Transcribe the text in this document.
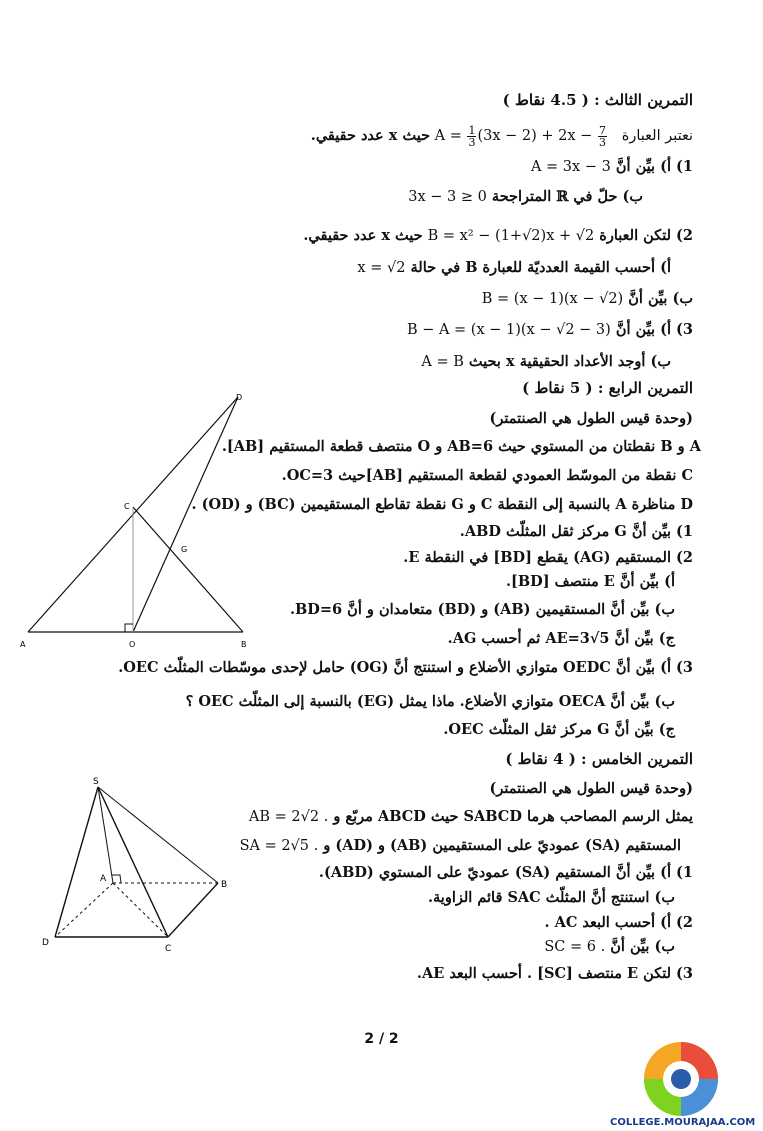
التمرين الثالث : ( 4.5 نقاط )
نعتبر العبارة   $A = \frac{1}{3} (3x - 2) + 2x - \frac{7}{3}$
حيث x عدد حقيقي.
1) أ) بيِّن أنَّ A = 3x − 3
ب) حلّ في ℝ المتراجحة 3x − 3 ≥ 0
2) لتكن العبارة B = x² − (1+√2)x + √2 حيث x عدد حقيقي.
أ) أحسب القيمة العدديّة للعبارة B في حالة x = √2
ب) بيِّن أنَّ B = (x − 1)(x − √2)
3) أ) بيِّن أنَّ B − A = (x − 1)(x − √2 − 3)
ب) أوجد الأعداد الحقيقية x بحيث A = B
التمرين الرابع : ( 5 نقاط )
(وحدة قيس الطول هي الصنتمتر)
A و B نقطتان من المستوي حيث AB=6 و O منتصف قطعة المستقيم [AB].
C نقطة من الموسّط العمودي لقطعة المستقيم [AB]حيث OC=3.
D مناظرة A بالنسبة إلى النقطة C و G نقطة تقاطع المستقيمين (BC) و (OD) .
1) بيِّن أنَّ G مركز ثقل المثلّث ABD.
2) المستقيم (AG) يقطع [BD] في النقطة E.
أ) بيِّن أنَّ E منتصف [BD].
ب) بيِّن أنَّ المستقيمين (AB) و (BD) متعامدان و أنَّ BD=6.
ج) بيِّن أنَّ AE=3√5 ثم أحسب AG.
3) أ) بيِّن أنَّ OEDC متوازي الأضلاع و استنتج أنَّ (OG) حامل لإحدى موسّطات المثلّث OEC.
ب) بيِّن أنَّ OECA متوازي الأضلاع. ماذا يمثل (EG) بالنسبة إلى المثلّث OEC ؟
ج) بيِّن أنَّ G مركز ثقل المثلّث OEC.
A	O	B
C
D
G
التمرين الخامس : ( 4 نقاط )
(وحدة قيس الطول هي الصنتمتر)
يمثل الرسم المصاحب هرما SABCD حيث ABCD مربّع و AB = 2√2 .
المستقيم (SA) عموديّ على المستقيمين (AB) و (AD) و SA = 2√5 .
1) أ) بيِّن أنَّ المستقيم (SA) عموديّ على المستوي (ABD).
ب) استنتج أنَّ المثلّث SAC قائم الزاوية.
2) أ) أحسب البعد AC .
ب) بيِّن أنَّ SC = 6 .
3) لتكن E منتصف [SC] . أحسب البعد AE.
S
A
B
C
D
2 / 2
COLLEGE.MOURAJAA.COM
